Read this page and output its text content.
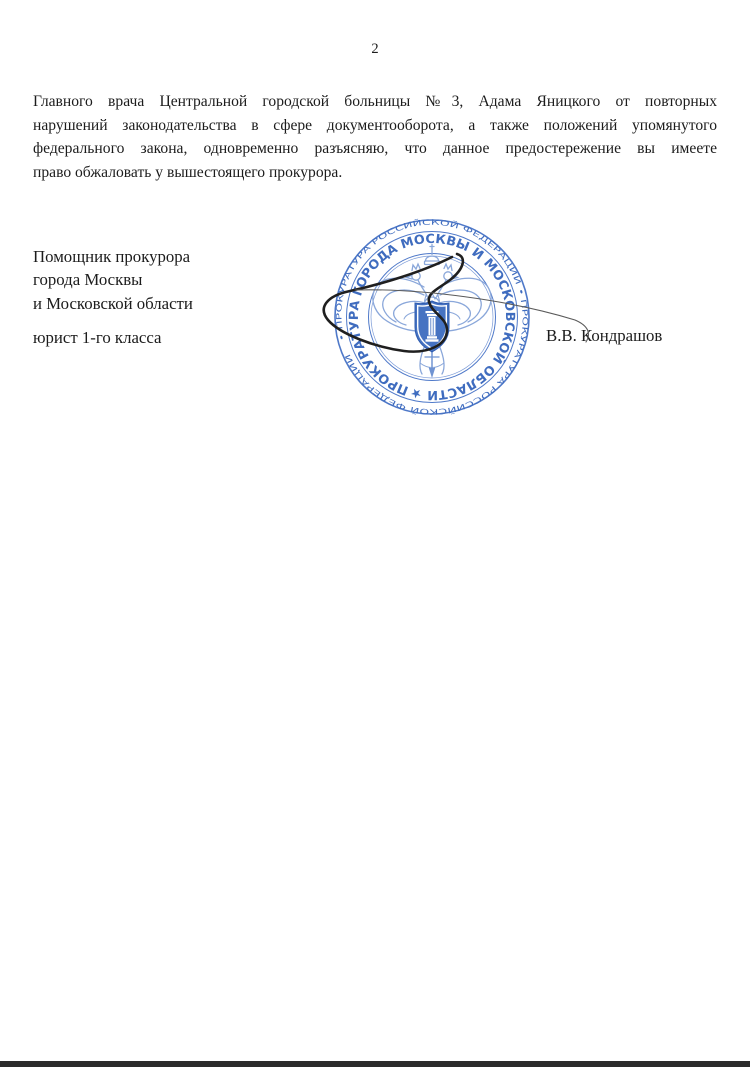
2
Главного врача Центральной городской больницы №3, Адама Яницкого от повторных
нарушений законодательства в сфере документооборота, а также положений упомянутого
федерального закона, одновременно разъясняю, что данное предостережение вы имеете
право обжаловать у вышестоящего прокурора.
Помощник прокурора
города Москвы
и Московской области
юрист 1-го класса	• ПРОКУРАТУРА РОССИЙСКОЙ ФЕДЕРАЦИИ • ПРОКУРАТУРА РОССИЙСКОЙ ФЕДЕРАЦИИ
ПРОКУРАТУРА ГОРОДА МОСКВЫ И МОСКОВСКОЙ ОБЛАСТИ ★
В.В. Кондрашов
